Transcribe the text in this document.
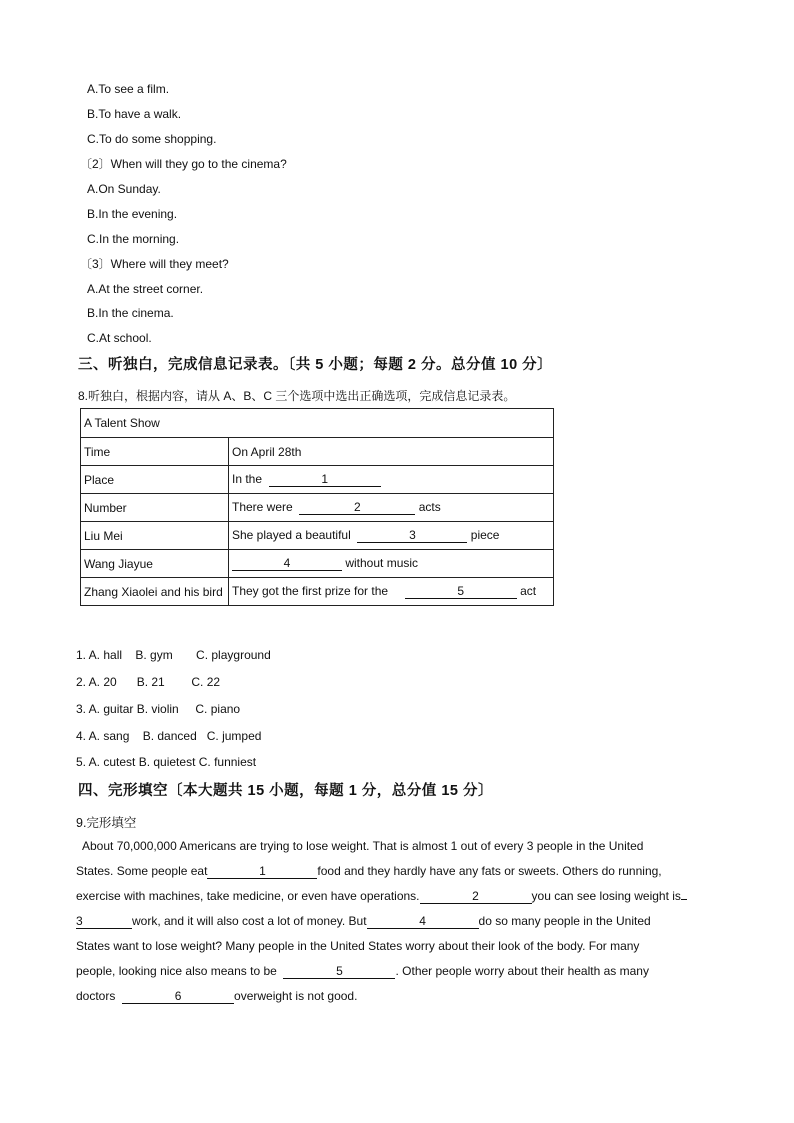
A.To see a film.
B.To have a walk.
C.To do some shopping.
〔2〕When will they go to the cinema?
A.On Sunday.
B.In the evening.
C.In the morning.
〔3〕Where will they meet?
A.At the street corner.
B.In the cinema.
C.At school.
三、听独白，完成信息记录表。〔共 5 小题；每题 2 分。总分值 10 分〕
8.听独白，根据内容，请从 A、B、C 三个选项中选出正确选项，完成信息记录表。
A Talent Show	
Time	On April 28th
Place	In the 1
Number	There were 2 acts
Liu Mei	She played a beautiful 3 piece
Wang Jiayue	4 without music
Zhang Xiaolei and his bird	They got the first prize for the 5 act
1. A. hall    B. gym       C. playground
2. A. 20      B. 21        C. 22
3. A. guitar B. violin     C. piano
4. A. sang    B. danced   C. jumped
5. A. cutest B. quietest C. funniest
四、完形填空〔本大题共 15 小题，每题 1 分，总分值 15 分〕
9.完形填空
About 70,000,000 Americans are trying to lose weight. That is almost 1 out of every 3 people in the United
States. Some people eat	1	food and they hardly have any fats or sweets. Others do running,
exercise with machines, take medicine, or even have operations.	2	you can see losing weight is
3	work, and it will also cost a lot of money. But	4	do so many people in the United
States want to lose weight? Many people in the United States worry about their look of the body. For many
people, looking nice also means to be	5	. Other people worry about their health as many
doctors	6	overweight is not good.
